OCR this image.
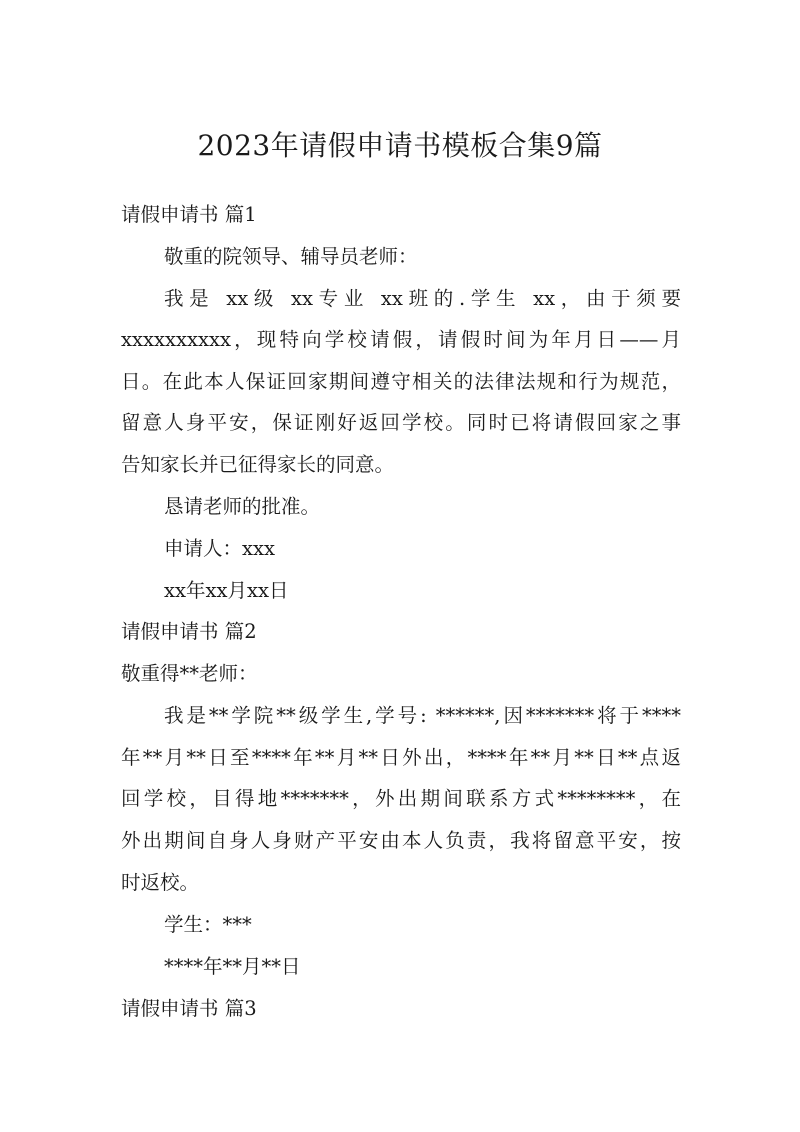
2023年请假申请书模板合集9篇
请假申请书 篇1
敬重的院领导、辅导员老师：
我是 xx级 xx专业 xx班的.学生 xx，由于须要
xxxxxxxxxx，现特向学校请假，请假时间为年月日——月
日。在此本人保证回家期间遵守相关的法律法规和行为规范，
留意人身平安，保证刚好返回学校。同时已将请假回家之事
告知家长并已征得家长的同意。
恳请老师的批准。
申请人：xxx
xx年xx月xx日
请假申请书 篇2
敬重得**老师：
我是**学院**级学生,学号: ******,因*******将于****
年**月**日至****年**月**日外出，****年**月**日**点返
回学校，目得地*******，外出期间联系方式********，在
外出期间自身人身财产平安由本人负责，我将留意平安，按
时返校。
学生：***
****年**月**日
请假申请书 篇3
